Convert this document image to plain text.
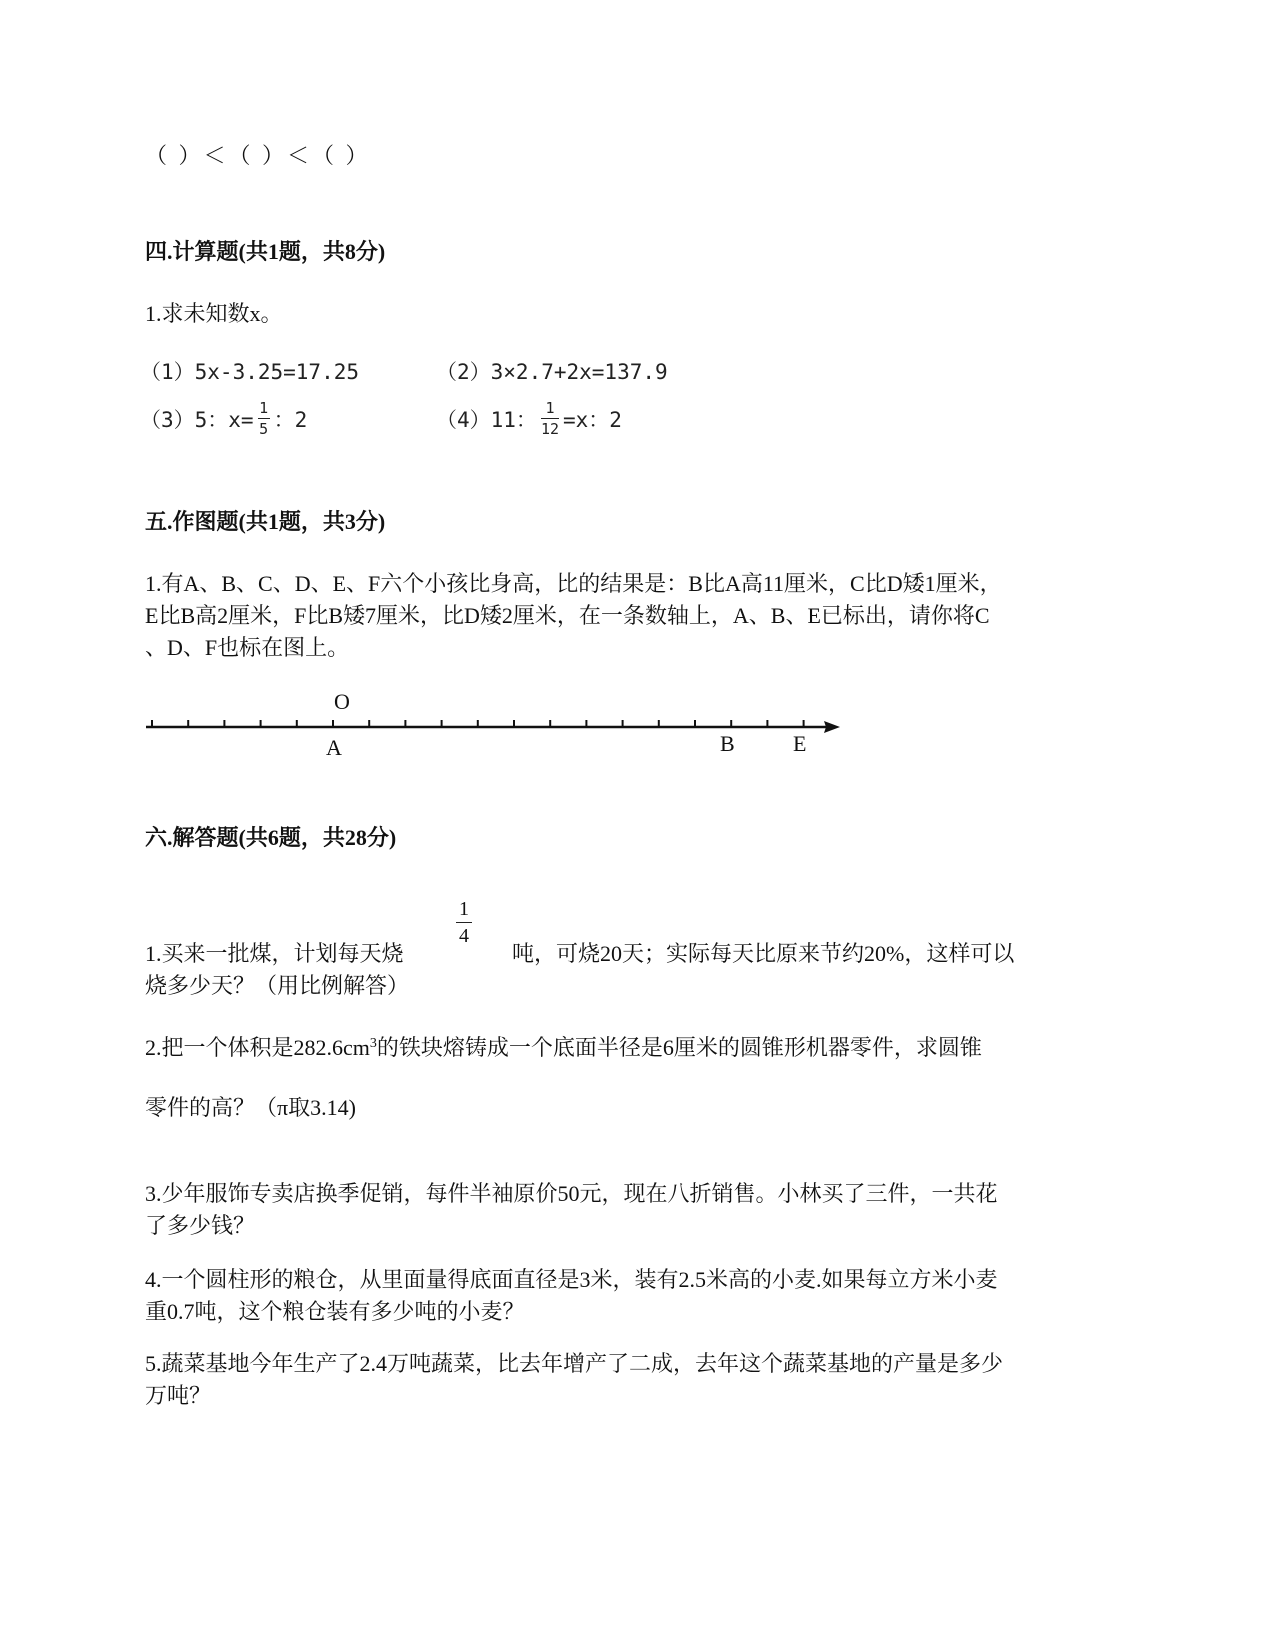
（ ）＜（ ）＜（ ）
四.计算题(共1题，共8分)
1.求未知数x。
（1）5x-3.25=17.25	（2）3×2.7+2x=137.9
（3）5：$x= \frac{1}{5}$ ：2	（4）11： $\frac{1}{12} =x$：2
五.作图题(共1题，共3分)
1.有A、B、C、D、E、F六个小孩比身高，比的结果是：B比A高11厘米，C比D矮1厘米，
E比B高2厘米，F比B矮7厘米，比D矮2厘米，在一条数轴上，A、B、E已标出，请你将C
、D、F也标在图上。
O
A	B	E
六.解答题(共6题，共28分)
1.买来一批煤，计划每天烧
1
4
吨，可烧20天；实际每天比原来节约20%，这样可以
烧多少天？（用比例解答）
2.把一个体积是$282.6cm^3$的铁块熔铸成一个底面半径是6厘米的圆锥形机器零件，求圆锥
零件的高？（π取3.14)
3.少年服饰专卖店换季促销，每件半袖原价50元，现在八折销售。小林买了三件，一共花
了多少钱？
4.一个圆柱形的粮仓，从里面量得底面直径是3米，装有2.5米高的小麦.如果每立方米小麦
重0.7吨，这个粮仓装有多少吨的小麦？
5.蔬菜基地今年生产了2.4万吨蔬菜，比去年增产了二成，去年这个蔬菜基地的产量是多少
万吨？
